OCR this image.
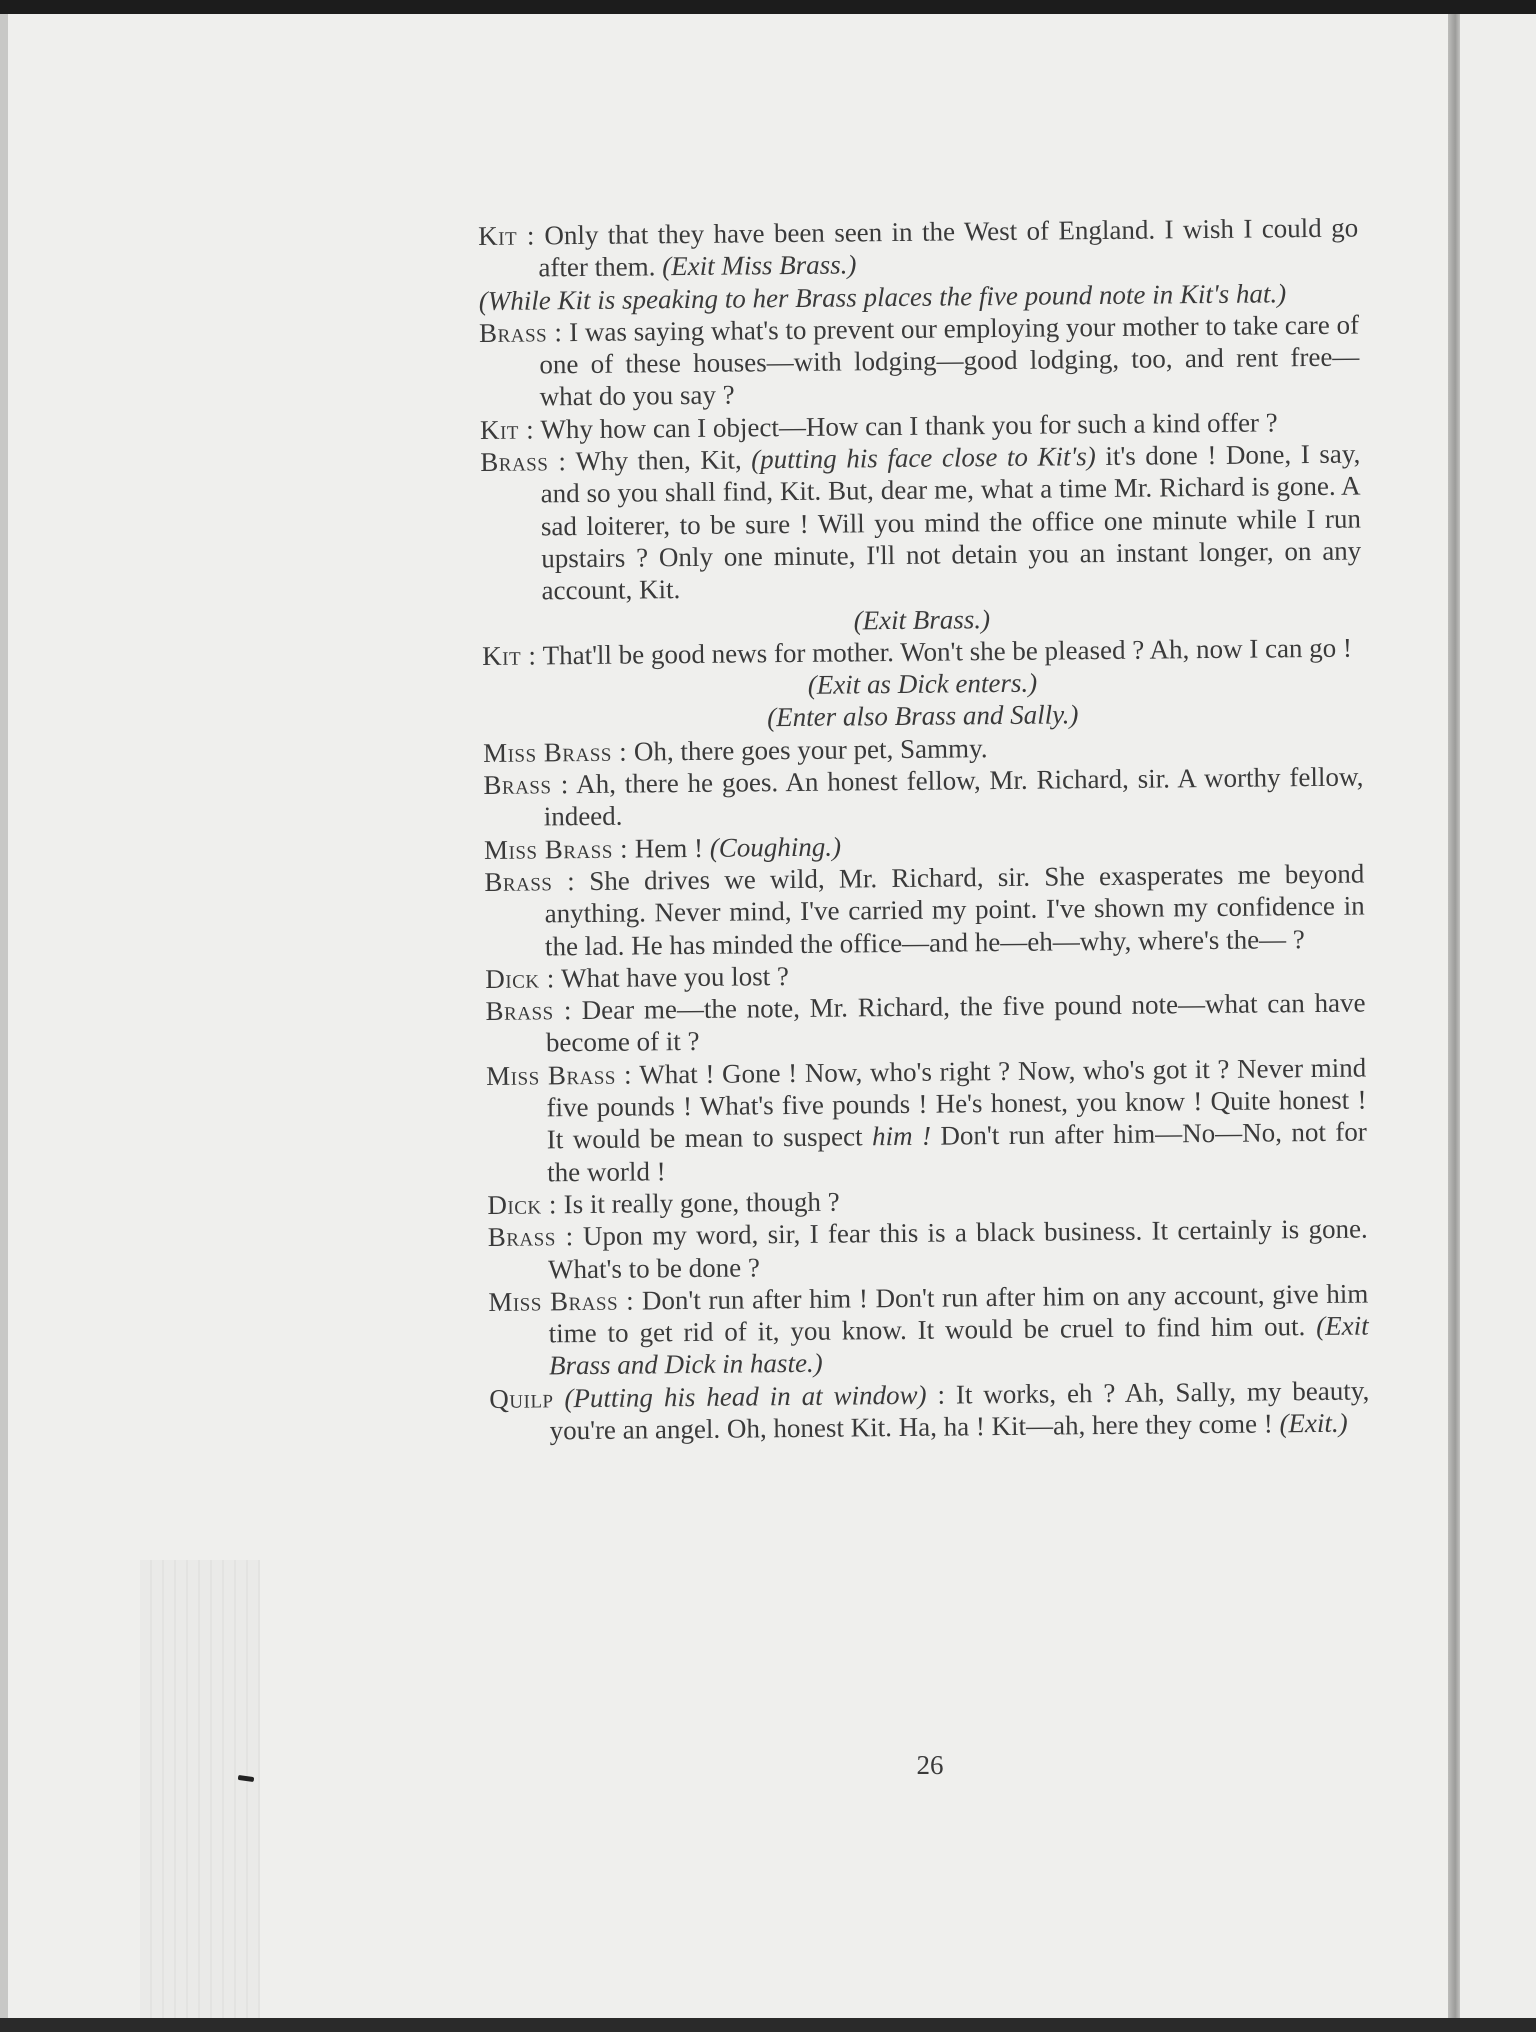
Kit : Only that they have been seen in the West of England. I wish I could go after them. (Exit Miss Brass.)

(While Kit is speaking to her Brass places the five pound note in Kit's hat.)

Brass : I was saying what's to prevent our employing your mother to take care of one of these houses—with lodging—good lodging, too, and rent free—what do you say ?

Kit : Why how can I object—How can I thank you for such a kind offer ?

Brass : Why then, Kit, (putting his face close to Kit's) it's done ! Done, I say, and so you shall find, Kit. But, dear me, what a time Mr. Richard is gone. A sad loiterer, to be sure ! Will you mind the office one minute while I run upstairs ? Only one minute, I'll not detain you an instant longer, on any account, Kit.

(Exit Brass.)

Kit : That'll be good news for mother. Won't she be pleased ? Ah, now I can go !

(Exit as Dick enters.)

(Enter also Brass and Sally.)

Miss Brass : Oh, there goes your pet, Sammy.

Brass : Ah, there he goes. An honest fellow, Mr. Richard, sir. A worthy fellow, indeed.

Miss Brass : Hem ! (Coughing.)

Brass : She drives we wild, Mr. Richard, sir. She exasperates me beyond anything. Never mind, I've carried my point. I've shown my confidence in the lad. He has minded the office—and he—eh—why, where's the— ?

Dick : What have you lost ?

Brass : Dear me—the note, Mr. Richard, the five pound note—what can have become of it ?

Miss Brass : What ! Gone ! Now, who's right ? Now, who's got it ? Never mind five pounds ! What's five pounds ! He's honest, you know ! Quite honest ! It would be mean to suspect him ! Don't run after him—No—No, not for the world !

Dick : Is it really gone, though ?

Brass : Upon my word, sir, I fear this is a black business. It certainly is gone. What's to be done ?

Miss Brass : Don't run after him ! Don't run after him on any account, give him time to get rid of it, you know. It would be cruel to find him out. (Exit Brass and Dick in haste.)

Quilp (Putting his head in at window) : It works, eh ? Ah, Sally, my beauty, you're an angel. Oh, honest Kit. Ha, ha ! Kit—ah, here they come ! (Exit.)

26
